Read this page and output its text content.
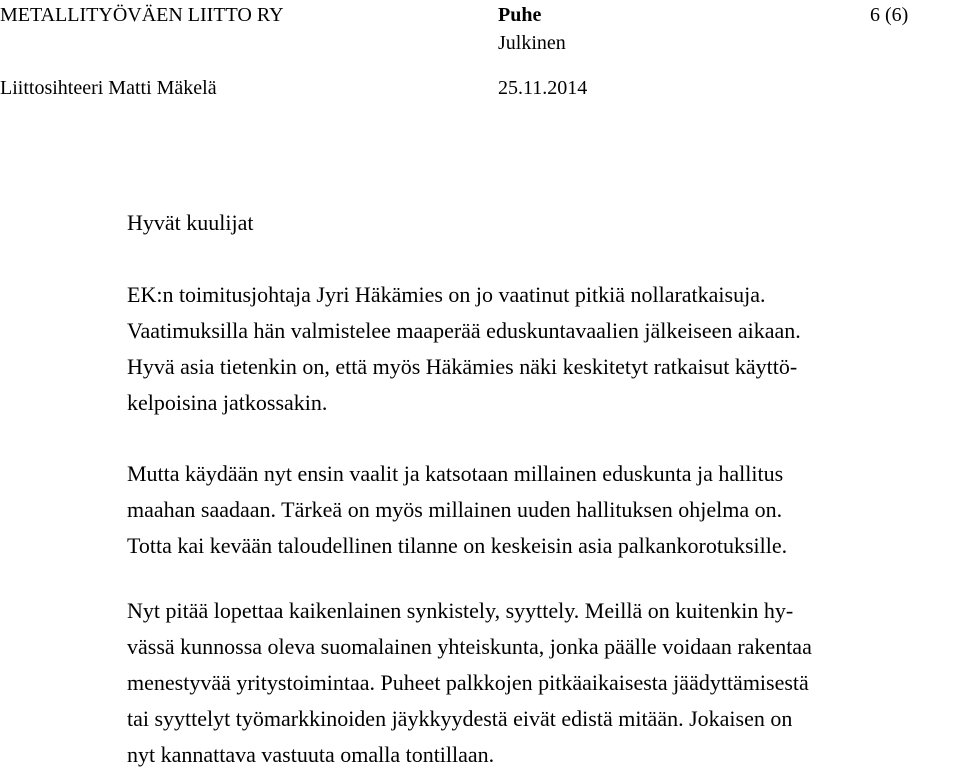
METALLITYÖVÄEN LIITTO RY	Puhe	6 (6)
Julkinen
Liittosihteeri Matti Mäkelä	25.11.2014
Hyvät kuulijat
EK:n toimitusjohtaja Jyri Häkämies on jo vaatinut pitkiä nollaratkaisuja.
Vaatimuksilla hän valmistelee maaperää eduskuntavaalien jälkeiseen aikaan.
Hyvä asia tietenkin on, että myös Häkämies näki keskitetyt ratkaisut käyttö-
kelpoisina jatkossakin.
Mutta käydään nyt ensin vaalit ja katsotaan millainen eduskunta ja hallitus
maahan saadaan. Tärkeä on myös millainen uuden hallituksen ohjelma on.
Totta kai kevään taloudellinen tilanne on keskeisin asia palkankorotuksille.
Nyt pitää lopettaa kaikenlainen synkistely, syyttely. Meillä on kuitenkin hy-
vässä kunnossa oleva suomalainen yhteiskunta, jonka päälle voidaan rakentaa
menestyvää yritystoimintaa. Puheet palkkojen pitkäaikaisesta jäädyttämisestä
tai syyttelyt työmarkkinoiden jäykkyydestä eivät edistä mitään. Jokaisen on
nyt kannattava vastuuta omalla tontillaan.
